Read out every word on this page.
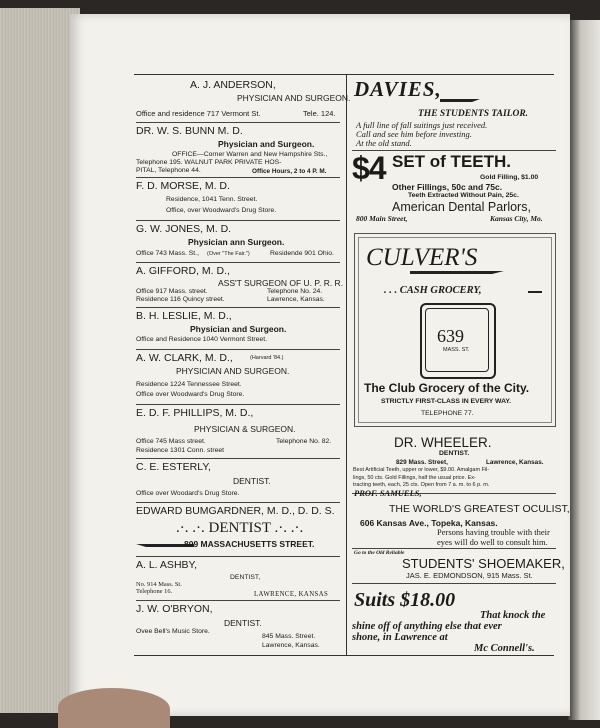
A. J. ANDERSON,
PHYSICIAN AND SURGEON.
Office and residence 717 Vermont St.	Tele. 124.
DR. W. S. BUNN M. D.
Physician and Surgeon.
OFFICE—Corner Warren and New Hampshire Sts.,
Telephone 195. WALNUT PARK PRIVATE HOS-
PITAL, Telephone 44.	Office Hours, 2 to 4 P. M.
F. D. MORSE, M. D.
Residence, 1041 Tenn. Street.
Office, over Woodward's Drug Store.
G. W. JONES, M. D.
Physician ann Surgeon.
Office 743 Mass. St., (Over "The Fair.")	Residende 901 Ohio.
A. GIFFORD, M. D.,
ASS'T SURGEON OF U. P. R. R.
Office 917 Mass. street.	Telephone No. 24.
Residence 116 Quincy street.	Lawrence, Kansas.
B. H. LESLIE, M. D.,
Physician and Surgeon.
Office and Residence 1040 Vermont Street.
A. W. CLARK, M. D.,	(Harvard '84.)
PHYSICIAN AND SURGEON.
Residence 1224 Tennessee Street.
Office over Woodward's Drug Store.
E. D. F. PHILLIPS, M. D.,
PHYSICIAN & SURGEON.
Office 745 Mass street.	Telephone No. 82.
Residence 1301 Conn. street
C. E. ESTERLY,
DENTIST.
Office over Woodard's Drug Store.
EDWARD BUMGARDNER, M. D., D. D. S.
.·. .·. DENTIST .·. .·.
809 MASSACHUSETTS STREET.
A. L. ASHBY,
DENTIST,
No. 914 Mass. St.
Telephone 16.	LAWRENCE, KANSAS
J. W. O'BRYON,
DENTIST.
Ovee Bell's Music Store.
845 Mass. Street.
Lawrence, Kansas.
DAVIES,
THE STUDENTS TAILOR.
A full line of fall suitings just received.
Call and see him before investing.
At the old stand.
$4 SET of TEETH.
Gold Filling, $1.00
Other Fillings, 50c and 75c.
Teeth Extracted Without Pain, 25c.
American Dental Parlors,
800 Main Street,	Kansas City, Mo.
CULVER'S
. . . CASH GROCERY,
639
MASS. ST.
The Club Grocery of the City.
STRICTLY FIRST-CLASS IN EVERY WAY.
TELEPHONE 77.
DR. WHEELER.
DENTIST.
829 Mass. Street,	Lawrence, Kansas.
Best Artificial Teeth, upper or lower, $9.00. Amalgam Fil-
lings, 50 cts. Gold Fillings, half the usual price. Ex-
tracting teeth, each, 25 cts. Open from 7 a. m. to 6 p. m.
PROF. SAMUELS,
THE WORLD'S GREATEST OCULIST,
606 Kansas Ave., Topeka, Kansas.
Persons having trouble with their
eyes will do well to consult him.
Go to the Old Reliable
STUDENTS' SHOEMAKER,
JAS. E. EDMONDSON, 915 Mass. St.
Suits $18.00
That knock the
shine off of anything else that ever
shone, in Lawrence at
Mc Connell's.
